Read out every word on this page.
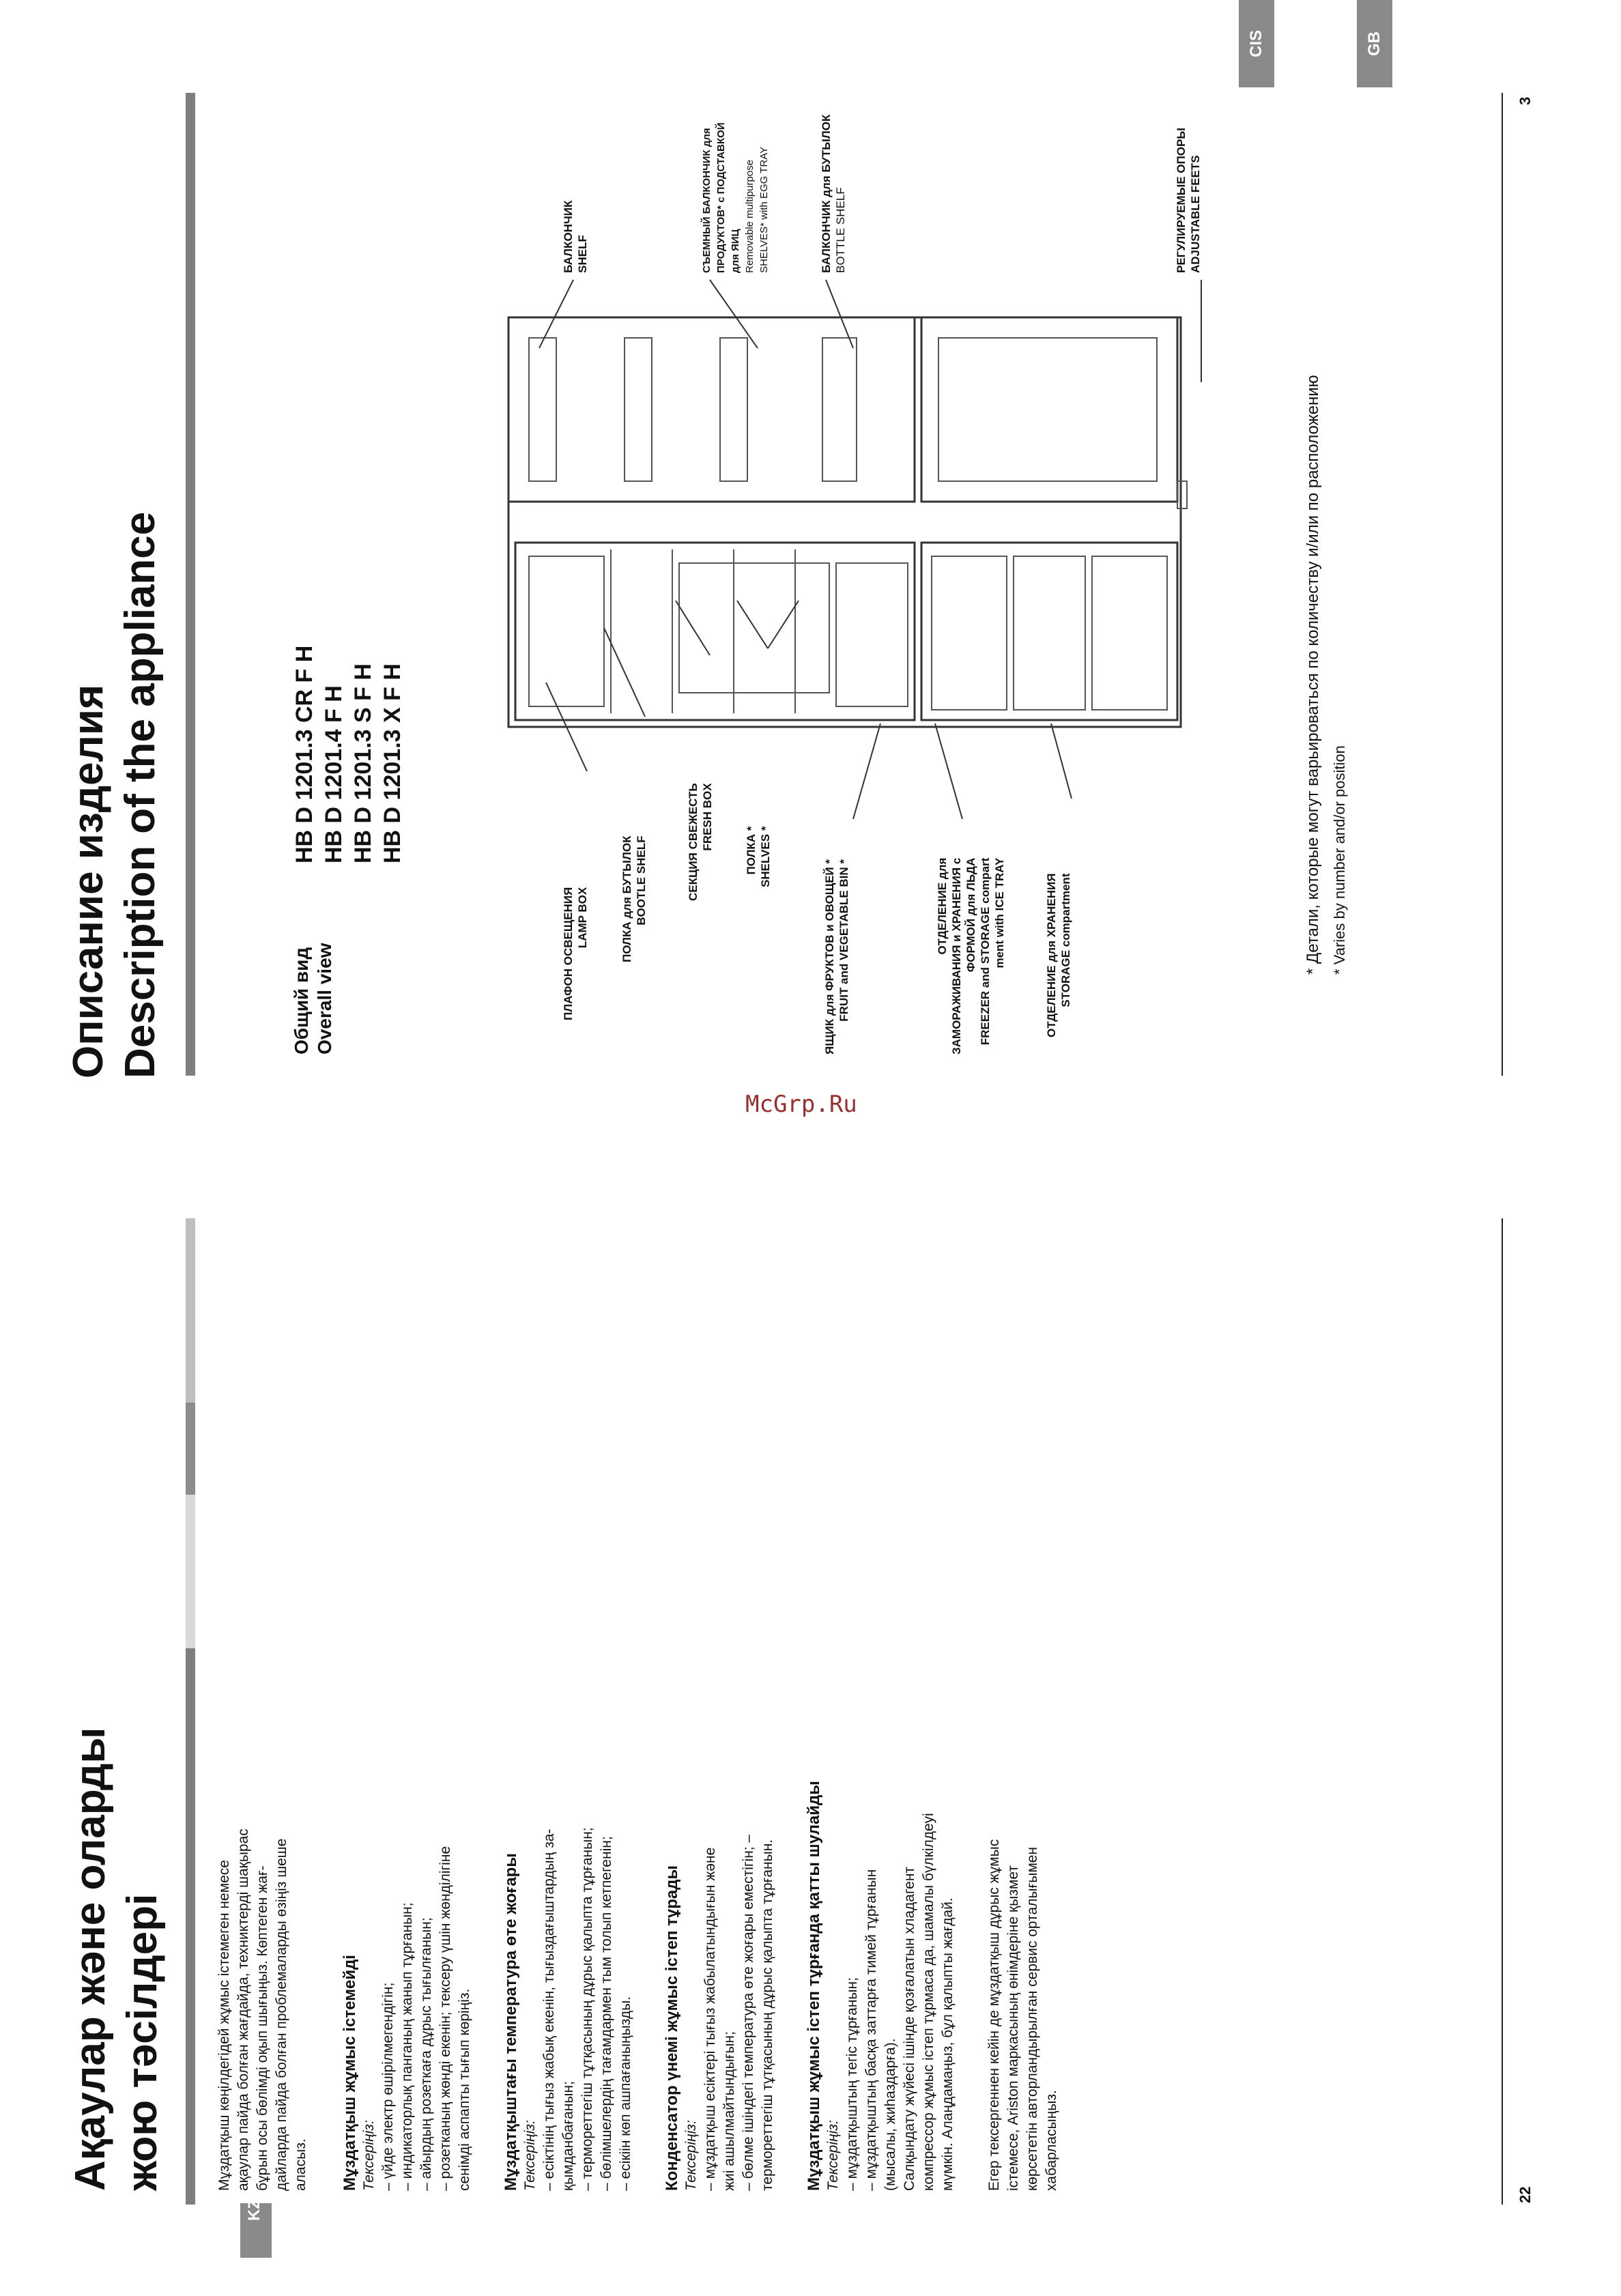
KZ
CIS	GB
22
3
McGrp.Ru
Ақаулар және оларды жою тәсілдері	Мұздатқыш көңілдегідей жұмыс істемеген немесе ақаулар пайда болған жағдайда, техниктерді шақырас бұрын осы бөлімді оқып шығыңыз. Көптеген жағ- дайларда пайда болған проблемаларды өзіңіз шеше аласыз. Мұздатқыш жұмыс істемейді Тексеріңіз: – үйде электр өшірілмегендігін; – индикаторлық панганың жанып тұрғанын; – айырдың розеткаға дұрыс тығылғанын; – розетканың жөнді екенін; тексеру үшін жөнділігіне сенімді аспапты тығып көріңіз. Мұздатқыштағы температура өте жоғары Тексеріңіз: – есіктінің тығыз жабық екенін, тығыздағыштардың за- қымданбағанын; – термореттегіш тұтқасының дұрыс қалыпта тұрғанын; – бөлімшелердің тағамдармен тым толып кетпегенін; – есікіін көп ашпағаныңызды. Конденсатор үнемі жұмыс істеп тұрады Тексеріңіз: – мұздатқыш есіктері тығыз жабылатындығын және жиі ашылмайтындығын; – бөлме ішіндегі температура өте жоғары еместігін; – термореттегіш тұтқасының дұрыс қалыпта тұрғанын. Мұздатқыш жұмыс істеп тұрғанда қатты шулайды Тексеріңіз: – мұздатқыштың тегіс тұрғанын; – мұздатқыштың басқа заттарға тимей тұрғанын (мысалы, жиһаздарға). Салқындату жүйесі ішінде қозғалатын хладагент компрессор жұмыс істеп тұрмаса да, шамалы бүлкілдеуі мүмкін. Алаңдамаңыз, бұл қалыпты жағдай. Егер тексергеннен кейін де мұздатқыш дұрыс жұмыс істемесе, Ariston маркасының өнімдеріне қызмет көрсететін авторландырылған сервис орталығымен хабарласыңыз.
Описание изделия Description of the appliance	Общий вид Overall view
HB D 1201.3 CR F H HB D 1201.4 F H HB D 1201.3 S F H HB D 1201.3 X F H
ПЛАФОН ОСВЕЩЕНИЯ LAMP BOX	ПОЛКА для БУТЫЛОК BOOTLE SHELF	СЕКЦИЯ СВЕЖЕСТЬ FRESH BOX	ПОЛКА * SHELVES *
ЯЩИК для ФРУКТОВ и ОВОЩЕЙ * FRUIT and VEGETABLE BIN *	ОТДЕЛЕНИЕ для ЗАМОРАЖИВАНИЯ и ХРАНЕНИЯ с ФОРМОЙ для ЛЬДА FREEZER and STORAGE compart ment with ICE TRAY	ОТДЕЛЕНИЕ для ХРАНЕНИЯ STORAGE compartment
БАЛКОНЧИК SHELF	СЪЕМНЫЙ БАЛКОНЧИК для ПРОДУКТОВ* с ПОДСТАВКОЙ для ЯИЦ Removable multipurpose SHELVES* with EGG TRAY	БАЛКОНЧИК для БУТЫЛОК BOTTLE SHELF	РЕГУЛИРУЕМЫЕ ОПОРЫ ADJUSTABLE FEETS
* Детали, которые могут варьироваться по количеству и/или по расположению * Varies by number and/or position
